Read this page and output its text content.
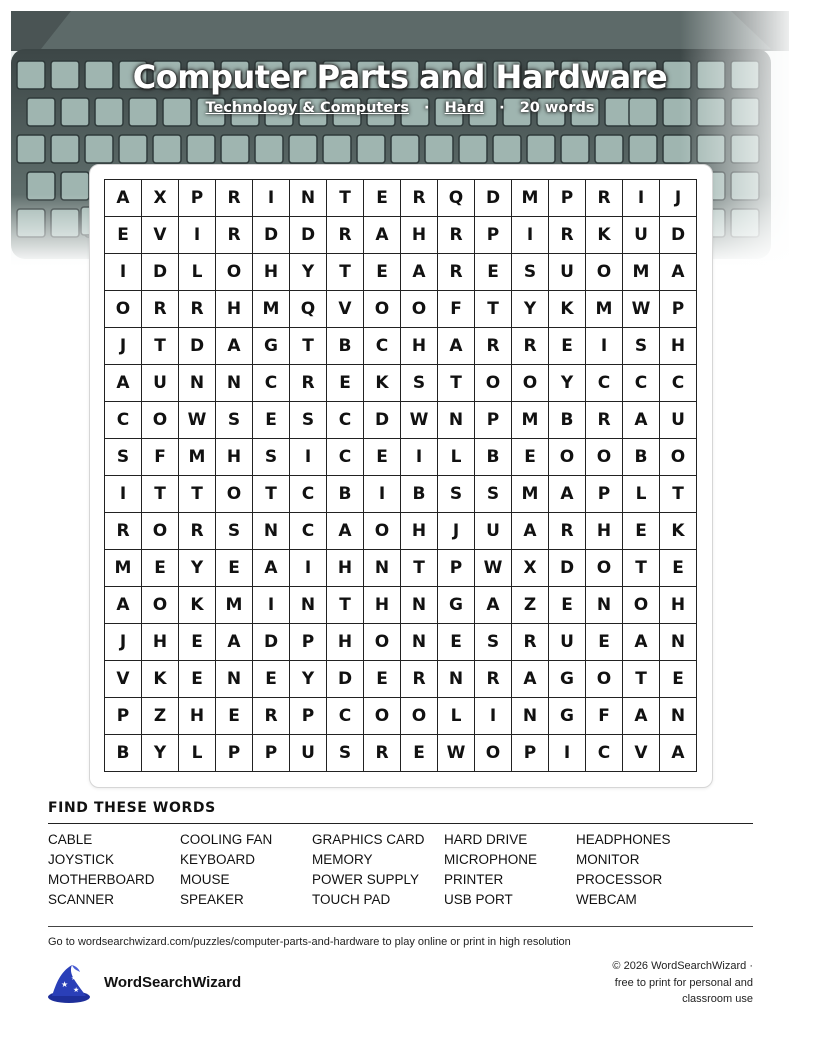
Computer Parts and Hardware
Technology & Computers · Hard · 20 words
A	X	P	R	I	N	T	E	R	Q	D	M	P	R	I	J
E	V	I	R	D	D	R	A	H	R	P	I	R	K	U	D
I	D	L	O	H	Y	T	E	A	R	E	S	U	O	M	A
O	R	R	H	M	Q	V	O	O	F	T	Y	K	M	W	P
J	T	D	A	G	T	B	C	H	A	R	R	E	I	S	H
A	U	N	N	C	R	E	K	S	T	O	O	Y	C	C	C
C	O	W	S	E	S	C	D	W	N	P	M	B	R	A	U
S	F	M	H	S	I	C	E	I	L	B	E	O	O	B	O
I	T	T	O	T	C	B	I	B	S	S	M	A	P	L	T
R	O	R	S	N	C	A	O	H	J	U	A	R	H	E	K
M	E	Y	E	A	I	H	N	T	P	W	X	D	O	T	E
A	O	K	M	I	N	T	H	N	G	A	Z	E	N	O	H
J	H	E	A	D	P	H	O	N	E	S	R	U	E	A	N
V	K	E	N	E	Y	D	E	R	N	R	A	G	O	T	E
P	Z	H	E	R	P	C	O	O	L	I	N	G	F	A	N
B	Y	L	P	P	U	S	R	E	W	O	P	I	C	V	A
FIND THESE WORDS
CABLE	COOLING FAN	GRAPHICS CARD	HARD DRIVE	HEADPHONES
JOYSTICK	KEYBOARD	MEMORY	MICROPHONE	MONITOR
MOTHERBOARD	MOUSE	POWER SUPPLY	PRINTER	PROCESSOR
SCANNER	SPEAKER	TOUCH PAD	USB PORT	WEBCAM
Go to wordsearchwizard.com/puzzles/computer-parts-and-hardware to play online or print in high resolution
★
★
★ WordSearchWizard
© 2026 WordSearchWizard ·
free to print for personal and
classroom use
